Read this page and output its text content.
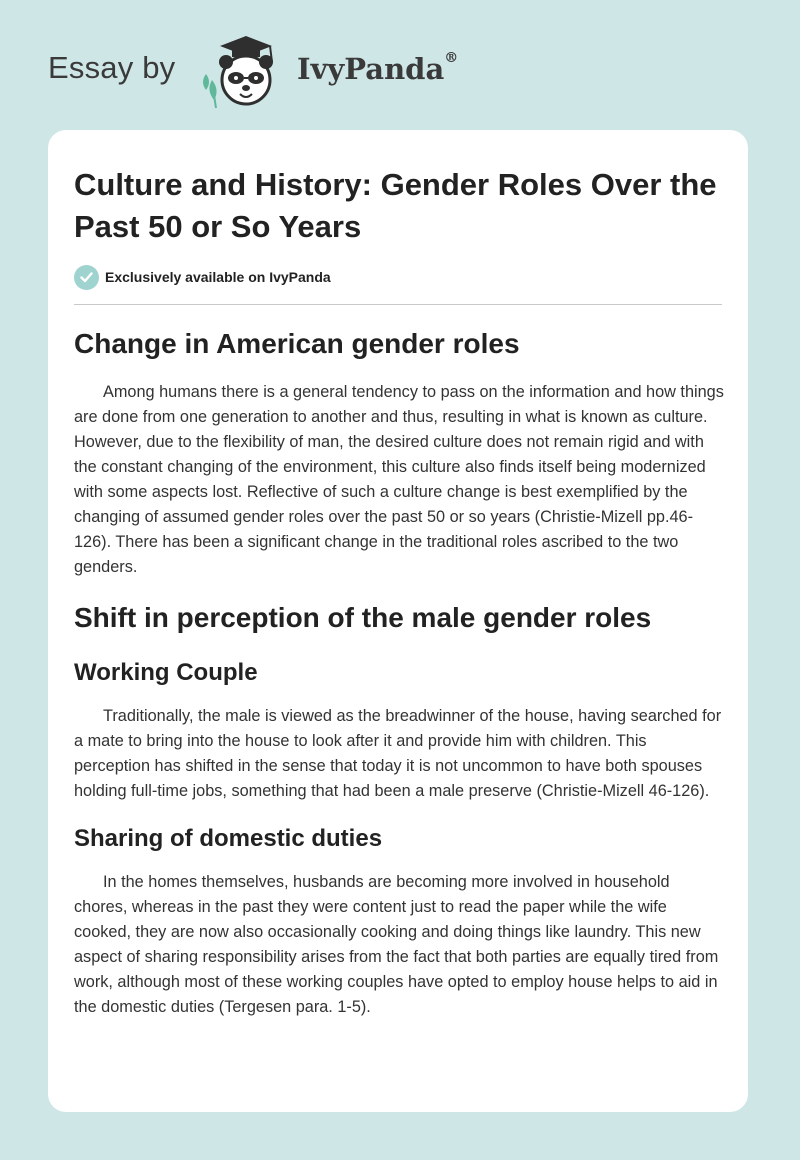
Essay by	IvyPanda®
Culture and History: Gender Roles Over the Past 50 or So Years
Exclusively available on IvyPanda
Change in American gender roles

Among humans there is a general tendency to pass on the information and how things are done from one generation to another and thus, resulting in what is known as culture. However, due to the flexibility of man, the desired culture does not remain rigid and with the constant changing of the environment, this culture also finds itself being modernized with some aspects lost. Reflective of such a culture change is best exemplified by the changing of assumed gender roles over the past 50 or so years (Christie-Mizell pp.46-126). There has been a significant change in the traditional roles ascribed to the two genders.

Shift in perception of the male gender roles
Working Couple

Traditionally, the male is viewed as the breadwinner of the house, having searched for a mate to bring into the house to look after it and provide him with children. This perception has shifted in the sense that today it is not uncommon to have both spouses holding full-time jobs, something that had been a male preserve (Christie-Mizell 46-126).

Sharing of domestic duties

In the homes themselves, husbands are becoming more involved in household chores, whereas in the past they were content just to read the paper while the wife cooked, they are now also occasionally cooking and doing things like laundry. This new aspect of sharing responsibility arises from the fact that both parties are equally tired from work, although most of these working couples have opted to employ house helps to aid in the domestic duties (Tergesen para. 1-5).
